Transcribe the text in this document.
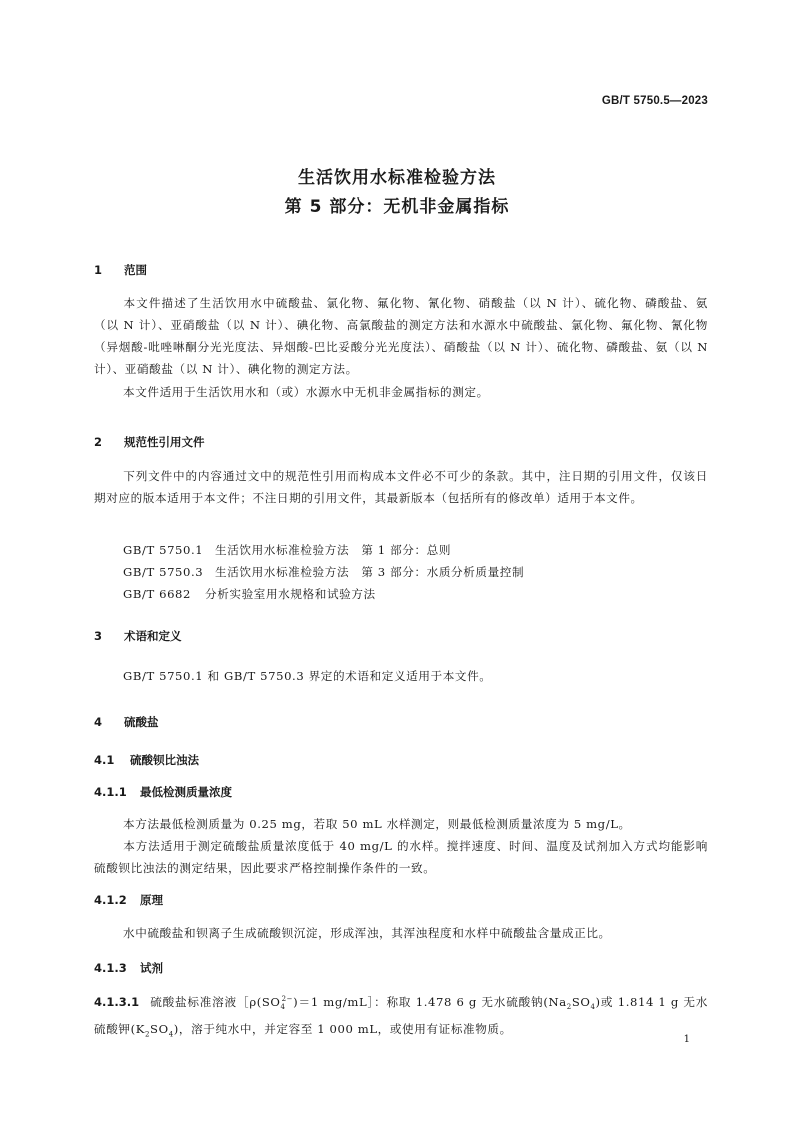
GB/T 5750.5—2023
生活饮用水标准检验方法
第 5 部分：无机非金属指标
1 范围
本文件描述了生活饮用水中硫酸盐、氯化物、氟化物、氰化物、硝酸盐（以 N 计）、硫化物、磷酸盐、氨（以 N 计）、亚硝酸盐（以 N 计）、碘化物、高氯酸盐的测定方法和水源水中硫酸盐、氯化物、氟化物、氰化物（异烟酸-吡唑啉酮分光光度法、异烟酸-巴比妥酸分光光度法）、硝酸盐（以 N 计）、硫化物、磷酸盐、氨（以 N 计）、亚硝酸盐（以 N 计）、碘化物的测定方法。
本文件适用于生活饮用水和（或）水源水中无机非金属指标的测定。
2 规范性引用文件
下列文件中的内容通过文中的规范性引用而构成本文件必不可少的条款。其中，注日期的引用文件，仅该日期对应的版本适用于本文件；不注日期的引用文件，其最新版本（包括所有的修改单）适用于本文件。
GB/T 5750.1 生活饮用水标准检验方法　第 1 部分：总则
GB/T 5750.3 生活饮用水标准检验方法　第 3 部分：水质分析质量控制
GB/T 6682 分析实验室用水规格和试验方法
3 术语和定义
GB/T 5750.1 和 GB/T 5750.3 界定的术语和定义适用于本文件。
4 硫酸盐
4.1 硫酸钡比浊法
4.1.1 最低检测质量浓度
本方法最低检测质量为 0.25 mg，若取 50 mL 水样测定，则最低检测质量浓度为 5 mg/L。
本方法适用于测定硫酸盐质量浓度低于 40 mg/L 的水样。搅拌速度、时间、温度及试剂加入方式均能影响硫酸钡比浊法的测定结果，因此要求严格控制操作条件的一致。
4.1.2 原理
水中硫酸盐和钡离子生成硫酸钡沉淀，形成浑浊，其浑浊程度和水样中硫酸盐含量成正比。
4.1.3 试剂
4.1.3.1 硫酸盐标准溶液$[\rho(SO_4^{2-})=1$ mg/mL］：称取 1.478 6 g 无水硫酸钠$(Na_2SO_4)$或 1.814 1 g 无水硫酸钾$(K_2SO_4)$，溶于纯水中，并定容至 1 000 mL，或使用有证标准物质。
1
